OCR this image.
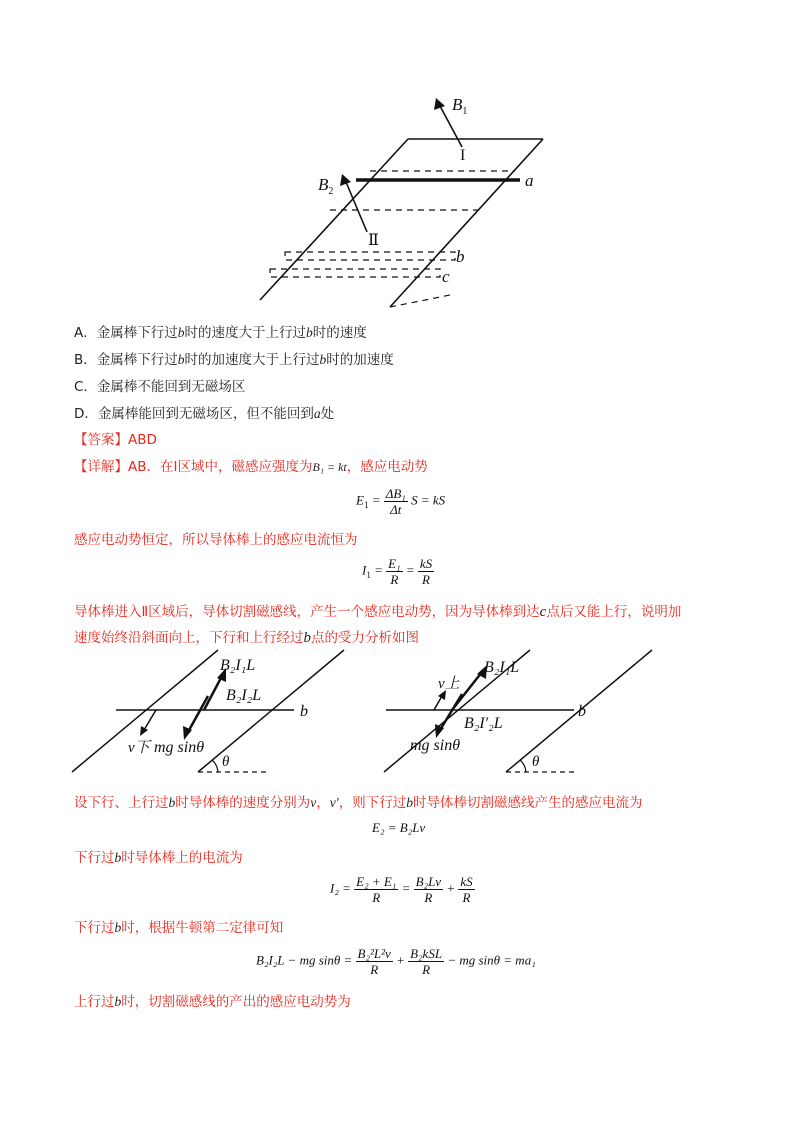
$B_1$
$B_2$
I
Ⅱ
a
b
c
A．金属棒下行过b时的速度大于上行过b时的速度
B．金属棒下行过b时的加速度大于上行过b时的加速度
C．金属棒不能回到无磁场区
D．金属棒能回到无磁场区，但不能回到a处
【答案】ABD
【详解】AB．在I区域中，磁感应强度为B₁ = kt，感应电动势
$E_1 = \frac{\text{ΔB₁}}{\Delta t}$ S = kS
感应电动势恒定，所以导体棒上的感应电流恒为
$I_1 = \frac{\text{E₁}}{R} = \frac{kS}{R}$
导体棒进入Ⅱ区域后，导体切割磁感线，产生一个感应电动势，因为导体棒到达c点后又能上行，说明加
速度始终沿斜面向上，下行和上行经过b点的受力分析如图
B₂I₁L
B₂I₂L
v下 mg sinθ
b
θ
B₂I₁L
v上
B₂I′₂L
mg sinθ
b
θ
设下行、上行过b时导体棒的速度分别为v，v′，则下行过b时导体棒切割磁感线产生的感应电流为
E₂ = B₂Lv
下行过b时导体棒上的电流为
$I_2 = \frac{\text{E₂ + E₁}}{R} = \frac{\text{B₂Lv}}{R} + \frac{kS}{R}$
下行过b时，根据牛顿第二定律可知
B₂I₂L − mg $\sin\theta = \frac{\text{B₂²L²v}}{R} + \frac{\text{B₂kSL}}{R}$ − mg sinθ = ma₁
上行过b时，切割磁感线的产出的感应电动势为
